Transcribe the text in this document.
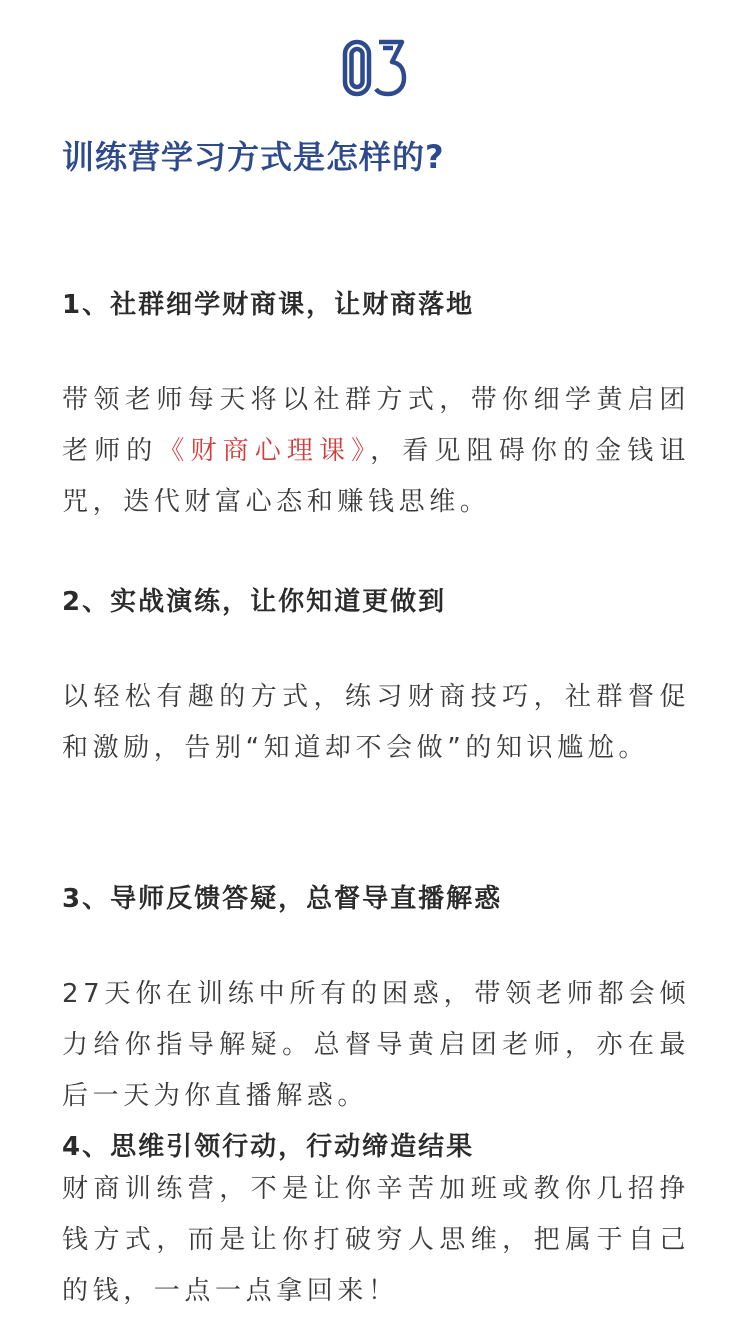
训练营学习方式是怎样的?
1、社群细学财商课，让财商落地

带领老师每天将以社群方式，带你细学黄启团老师的《财商心理课》，看见阻碍你的金钱诅咒，迭代财富心态和赚钱思维。

2、实战演练，让你知道更做到

以轻松有趣的方式，练习财商技巧，社群督促和激励，告别“知道却不会做”的知识尴尬。

3、导师反馈答疑，总督导直播解惑

27天你在训练中所有的困惑，带领老师都会倾力给你指导解疑。总督导黄启团老师，亦在最后一天为你直播解惑。

4、思维引领行动，行动缔造结果

财商训练营，不是让你辛苦加班或教你几招挣钱方式，而是让你打破穷人思维，把属于自己的钱，一点一点拿回来！
